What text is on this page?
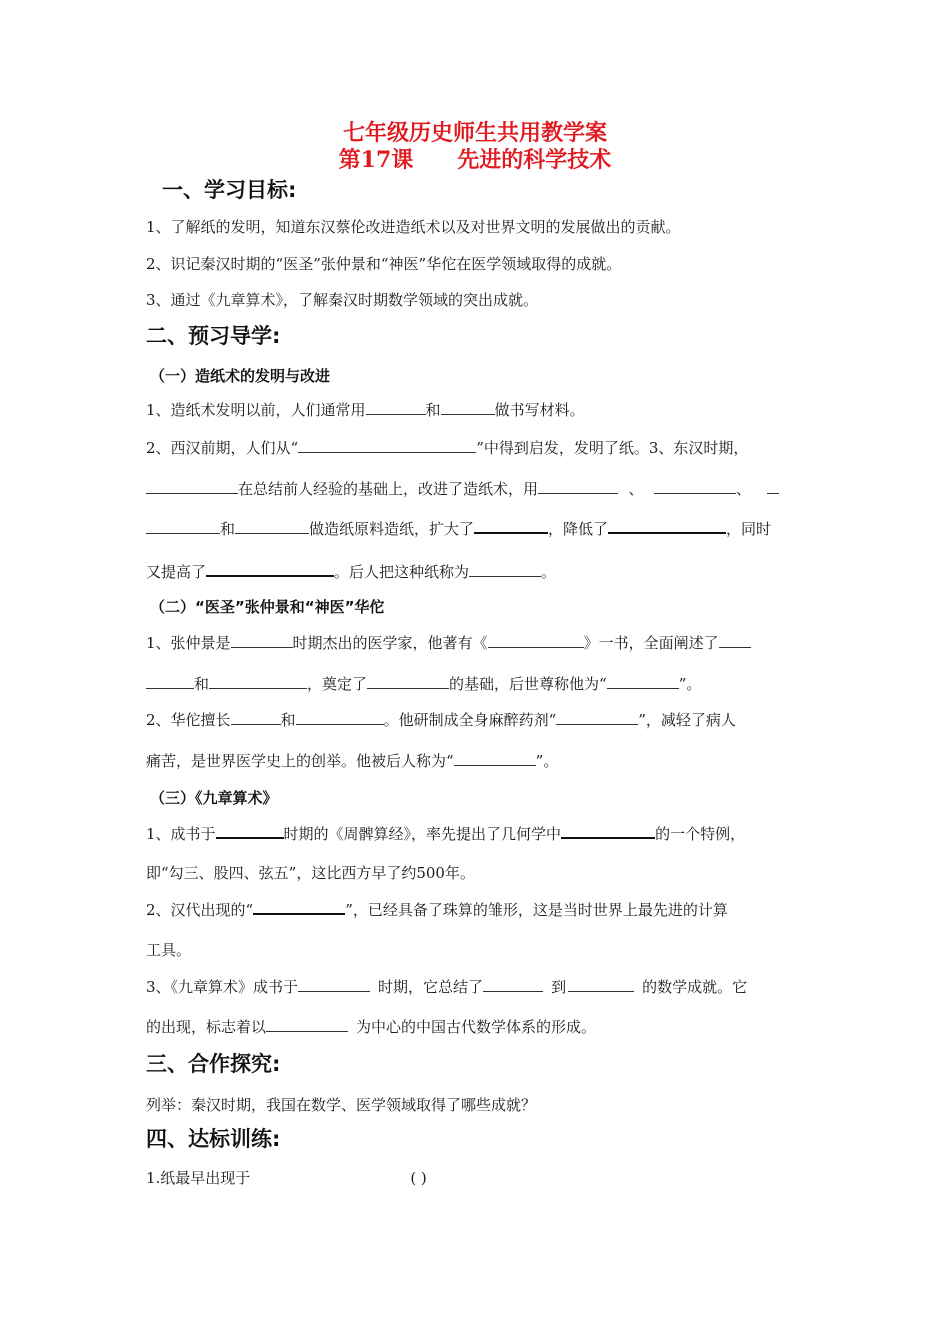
七年级历史师生共用教学案
第17课 先进的科学技术
一、学习目标:
1、了解纸的发明，知道东汉蔡伦改进造纸术以及对世界文明的发展做出的贡献。
2、识记秦汉时期的“医圣”张仲景和“神医”华佗在医学领域取得的成就。
3、通过《九章算术》，了解秦汉时期数学领域的突出成就。
二、预习导学:
（一）造纸术的发明与改进
1、造纸术发明以前，人们通常用	和	做书写材料。
2、西汉前期，人们从“	”中得到启发，发明了纸。3、东汉时期，
在总结前人经验的基础上，改进了造纸术，用	、	、
和	做造纸原料造纸，扩大了	，降低了	，同时
又提高了	。后人把这种纸称为	。
（二）“医圣”张仲景和“神医”华佗
1、张仲景是	时期杰出的医学家，他著有《	》一书，全面阐述了
和	，奠定了	的基础，后世尊称他为“	”。
2、华佗擅长	和	。他研制成全身麻醉药剂“	”，减轻了病人
痛苦，是世界医学史上的创举。他被后人称为“	”。
（三）《九章算术》
1、成书于	时期的《周髀算经》，率先提出了几何学中	的一个特例，
即“勾三、股四、弦五”，这比西方早了约500年。
2、汉代出现的“	”，已经具备了珠算的雏形，这是当时世界上最先进的计算
工具。
3、《九章算术》成书于	时期，它总结了	到	的数学成就。它
的出现，标志着以	为中心的中国古代数学体系的形成。
三、合作探究:
列举：秦汉时期，我国在数学、医学领域取得了哪些成就？
四、达标训练:
1.纸最早出现于	( )
